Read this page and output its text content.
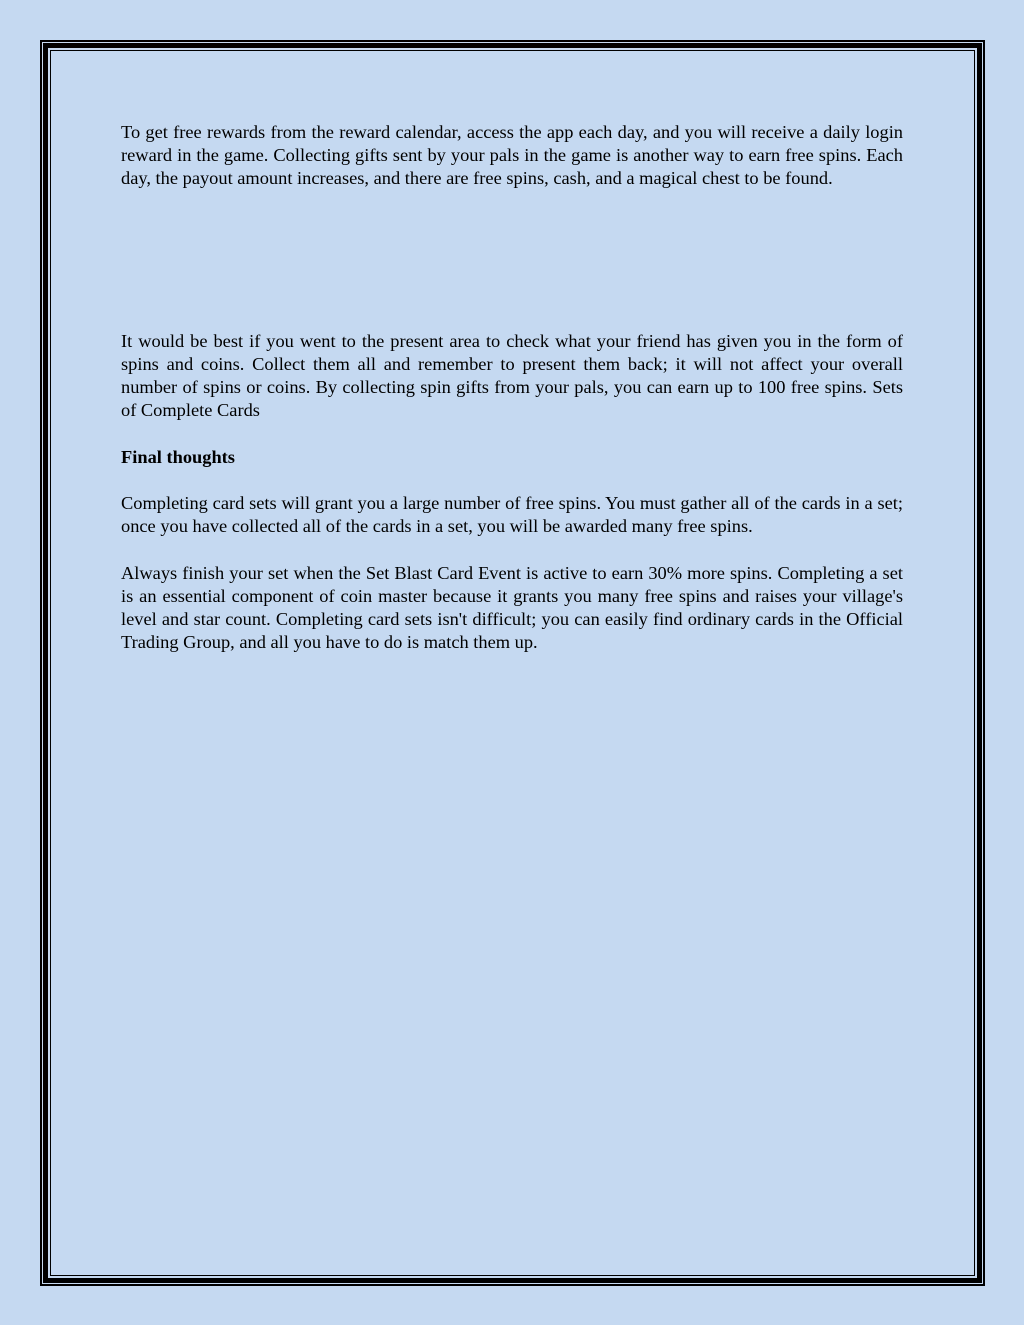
To get free rewards from the reward calendar, access the app each day, and you will receive a daily login reward in the game. Collecting gifts sent by your pals in the game is another way to earn free spins. Each day, the payout amount increases, and there are free spins, cash, and a magical chest to be found.

It would be best if you went to the present area to check what your friend has given you in the form of spins and coins. Collect them all and remember to present them back; it will not affect your overall number of spins or coins. By collecting spin gifts from your pals, you can earn up to 100 free spins. Sets of Complete Cards

Final thoughts

Completing card sets will grant you a large number of free spins. You must gather all of the cards in a set; once you have collected all of the cards in a set, you will be awarded many free spins.

Always finish your set when the Set Blast Card Event is active to earn 30% more spins. Completing a set is an essential component of coin master because it grants you many free spins and raises your village's level and star count. Completing card sets isn't difficult; you can easily find ordinary cards in the Official Trading Group, and all you have to do is match them up.
